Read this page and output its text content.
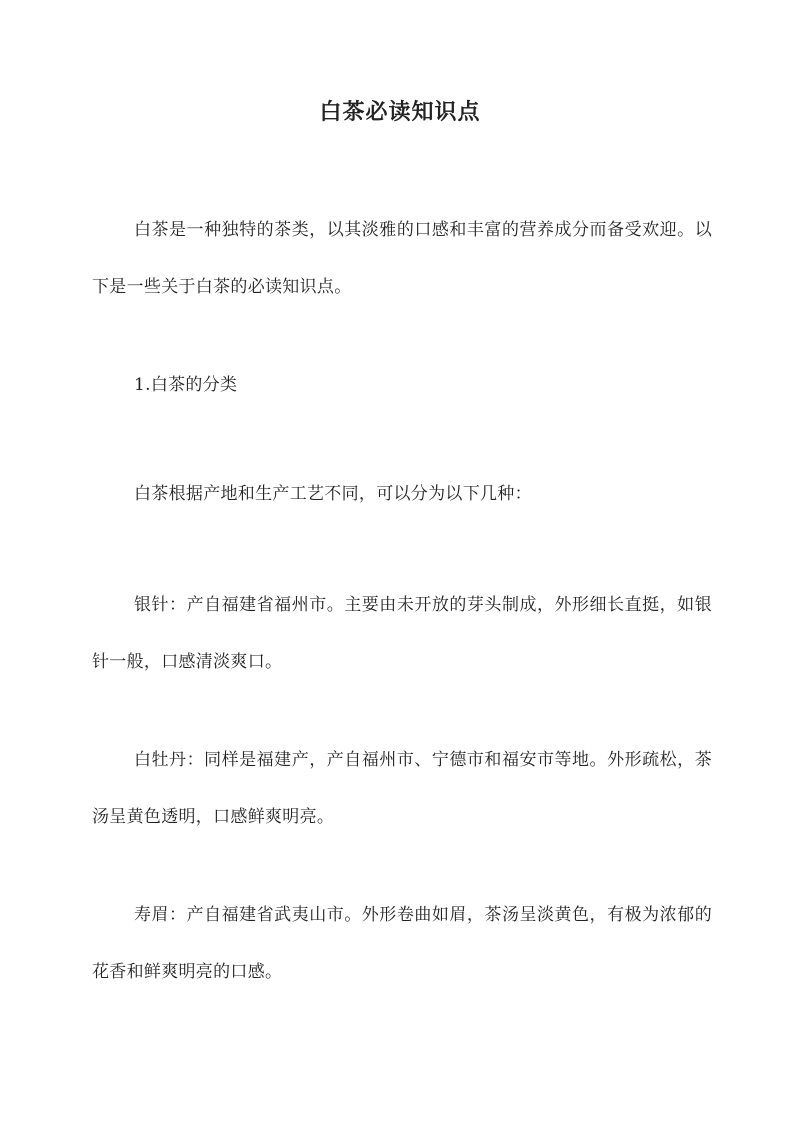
白茶必读知识点

白茶是一种独特的茶类，以其淡雅的口感和丰富的营养成分而备受欢迎。以下是一些关于白茶的必读知识点。

1.白茶的分类

白茶根据产地和生产工艺不同，可以分为以下几种：

银针：产自福建省福州市。主要由未开放的芽头制成，外形细长直挺，如银针一般，口感清淡爽口。

白牡丹：同样是福建产，产自福州市、宁德市和福安市等地。外形疏松，茶汤呈黄色透明，口感鲜爽明亮。

寿眉：产自福建省武夷山市。外形卷曲如眉，茶汤呈淡黄色，有极为浓郁的花香和鲜爽明亮的口感。
